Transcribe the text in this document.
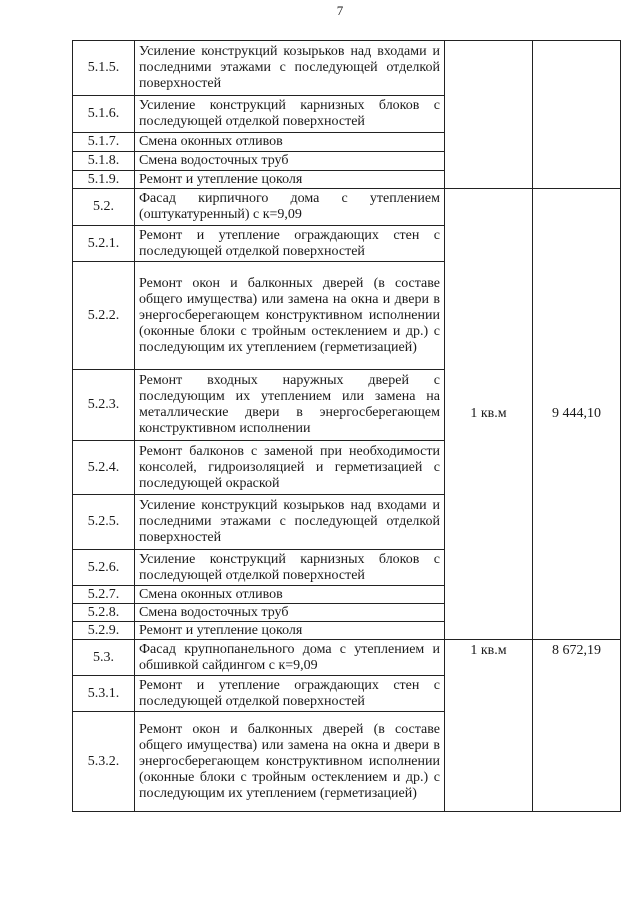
7
5.1.5.	Усиление конструкций козырьков над входами и последними этажами с последующей отделкой поверхностей		
5.1.6.	Усиление конструкций карнизных блоков с последующей отделкой поверхностей		
5.1.7.	Смена оконных отливов		
5.1.8.	Смена водосточных труб		
5.1.9.	Ремонт и утепление цоколя		
5.2.	Фасад кирпичного дома с утеплением (оштукатуренный) с к=9,09	1 кв.м	9 444,10
5.2.1.	Ремонт и утепление ограждающих стен с последующей отделкой поверхностей		
5.2.2.	Ремонт окон и балконных дверей (в составе общего имущества) или замена на окна и двери в энергосберегающем конструктивном исполнении (оконные блоки с тройным остеклением и др.) с последующим их утеплением (герметизацией)		
5.2.3.	Ремонт входных наружных дверей с последующим их утеплением или замена на металлические двери в энергосберегающем конструктивном исполнении		
5.2.4.	Ремонт балконов с заменой при необходимости консолей, гидроизоляцией и герметизацией с последующей окраской		
5.2.5.	Усиление конструкций козырьков над входами и последними этажами с последующей отделкой поверхностей		
5.2.6.	Усиление конструкций карнизных блоков с последующей отделкой поверхностей		
5.2.7.	Смена оконных отливов		
5.2.8.	Смена водосточных труб		
5.2.9.	Ремонт и утепление цоколя		
5.3.	Фасад крупнопанельного дома с утеплением и обшивкой сайдингом с к=9,09	1 кв.м	8 672,19
5.3.1.	Ремонт и утепление ограждающих стен с последующей отделкой поверхностей		
5.3.2.	Ремонт окон и балконных дверей (в составе общего имущества) или замена на окна и двери в энергосберегающем конструктивном исполнении (оконные блоки с тройным остеклением и др.) с последующим их утеплением (герметизацией)		
